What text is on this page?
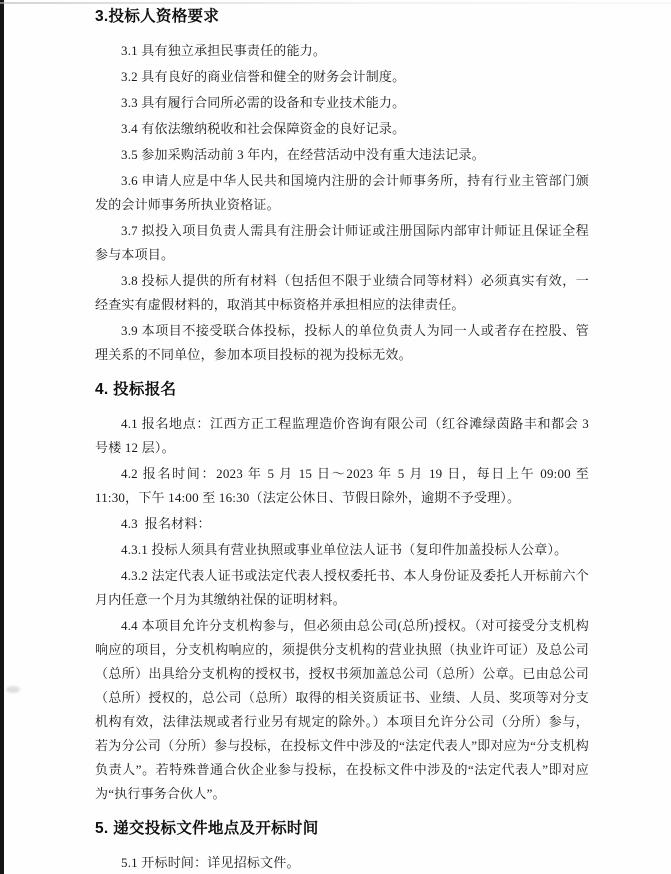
3.投标人资格要求

3.1 具有独立承担民事责任的能力。

3.2 具有良好的商业信誉和健全的财务会计制度。

3.3 具有履行合同所必需的设备和专业技术能力。

3.4 有依法缴纳税收和社会保障资金的良好记录。

3.5 参加采购活动前 3 年内，在经营活动中没有重大违法记录。

3.6 申请人应是中华人民共和国境内注册的会计师事务所，持有行业主管部门颁发的会计师事务所执业资格证。

3.7 拟投入项目负责人需具有注册会计师证或注册国际内部审计师证且保证全程参与本项目。

3.8 投标人提供的所有材料（包括但不限于业绩合同等材料）必须真实有效，一经查实有虚假材料的，取消其中标资格并承担相应的法律责任。

3.9 本项目不接受联合体投标，投标人的单位负责人为同一人或者存在控股、管理关系的不同单位，参加本项目投标的视为投标无效。

4. 投标报名

4.1 报名地点：江西方正工程监理造价咨询有限公司（红谷滩绿茵路丰和都会 3 号楼 12 层）。

4.2 报名时间：2023 年 5 月 15 日～2023 年 5 月 19 日，每日上午 09:00 至 11:30，下午 14:00 至 16:30（法定公休日、节假日除外，逾期不予受理）。

4.3  报名材料：

4.3.1 投标人须具有营业执照或事业单位法人证书（复印件加盖投标人公章）。

4.3.2 法定代表人证书或法定代表人授权委托书、本人身份证及委托人开标前六个月内任意一个月为其缴纳社保的证明材料。

4.4 本项目允许分支机构参与，但必须由总公司(总所)授权。（对可接受分支机构响应的项目，分支机构响应的，须提供分支机构的营业执照（执业许可证）及总公司（总所）出具给分支机构的授权书，授权书须加盖总公司（总所）公章。已由总公司（总所）授权的，总公司（总所）取得的相关资质证书、业绩、人员、奖项等对分支机构有效，法律法规或者行业另有规定的除外。）本项目允许分公司（分所）参与，若为分公司（分所）参与投标，在投标文件中涉及的“法定代表人”即对应为“分支机构负责人”。若特殊普通合伙企业参与投标，在投标文件中涉及的“法定代表人”即对应为“执行事务合伙人”。

5. 递交投标文件地点及开标时间

5.1 开标时间：详见招标文件。
